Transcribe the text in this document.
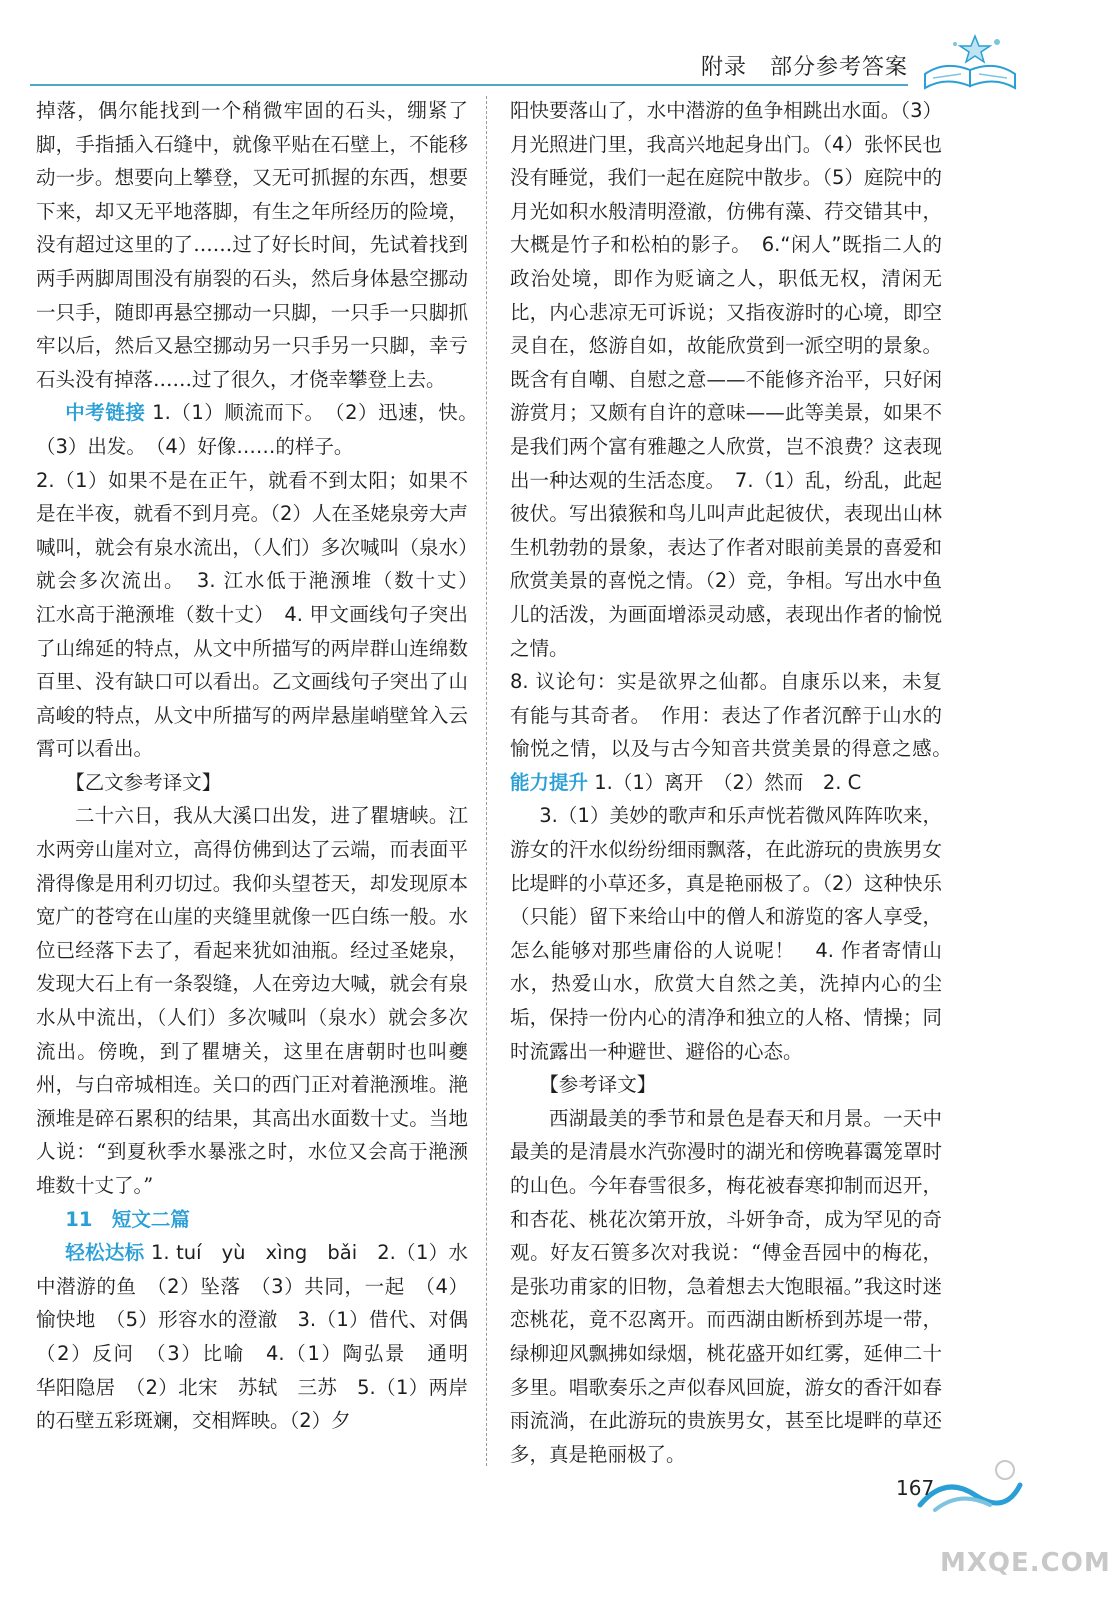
附录　部分参考答案

掉落，偶尔能找到一个稍微牢固的石头，绷紧了脚，手指插入石缝中，就像平贴在石壁上，不能移动一步。想要向上攀登，又无可抓握的东西，想要下来，却又无平地落脚，有生之年所经历的险境，没有超过这里的了……过了好长时间，先试着找到两手两脚周围没有崩裂的石头，然后身体悬空挪动一只手，随即再悬空挪动一只脚，一只手一只脚抓牢以后，然后又悬空挪动另一只手另一只脚，幸亏石头没有掉落……过了很久，才侥幸攀登上去。

中考链接 1.（1）顺流而下。　（2）迅速，快。　（3）出发。　（4）好像……的样子。

2.（1）如果不是在正午，就看不到太阳；如果不是在半夜，就看不到月亮。（2）人在圣姥泉旁大声喊叫，就会有泉水流出，（人们）多次喊叫（泉水）就会多次流出。　3. 江水低于滟滪堆（数十丈）　江水高于滟滪堆（数十丈）　4. 甲文画线句子突出了山绵延的特点，从文中所描写的两岸群山连绵数百里、没有缺口可以看出。乙文画线句子突出了山高峻的特点，从文中所描写的两岸悬崖峭壁耸入云霄可以看出。

【乙文参考译文】

二十六日，我从大溪口出发，进了瞿塘峡。江水两旁山崖对立，高得仿佛到达了云端，而表面平滑得像是用利刃切过。我仰头望苍天，却发现原本宽广的苍穹在山崖的夹缝里就像一匹白练一般。水位已经落下去了，看起来犹如油瓶。经过圣姥泉，发现大石上有一条裂缝，人在旁边大喊，就会有泉水从中流出，（人们）多次喊叫（泉水）就会多次流出。傍晚，到了瞿塘关，这里在唐朝时也叫夔州，与白帝城相连。关口的西门正对着滟滪堆。滟滪堆是碎石累积的结果，其高出水面数十丈。当地人说：“到夏秋季水暴涨之时，水位又会高于滟滪堆数十丈了。”

11　短文二篇

轻松达标 1. tuí　yù　xìng　bǎi　2.（1）水中潜游的鱼　（2）坠落　（3）共同，一起　（4）愉快地　（5）形容水的澄澈　3.（1）借代、对偶　（2）反问　（3）比喻　4.（1）陶弘景　通明　华阳隐居　（2）北宋　苏轼　三苏　5.（1）两岸的石壁五彩斑斓，交相辉映。（2）夕

阳快要落山了，水中潜游的鱼争相跳出水面。（3）月光照进门里，我高兴地起身出门。（4）张怀民也没有睡觉，我们一起在庭院中散步。（5）庭院中的月光如积水般清明澄澈，仿佛有藻、荇交错其中，大概是竹子和松柏的影子。　6.“闲人”既指二人的政治处境，即作为贬谪之人，职低无权，清闲无比，内心悲凉无可诉说；又指夜游时的心境，即空灵自在，悠游自如，故能欣赏到一派空明的景象。既含有自嘲、自慰之意——不能修齐治平，只好闲游赏月；又颇有自许的意味——此等美景，如果不是我们两个富有雅趣之人欣赏，岂不浪费？这表现出一种达观的生活态度。　7.（1）乱，纷乱，此起彼伏。写出猿猴和鸟儿叫声此起彼伏，表现出山林生机勃勃的景象，表达了作者对眼前美景的喜爱和欣赏美景的喜悦之情。（2）竞，争相。写出水中鱼儿的活泼，为画面增添灵动感，表现出作者的愉悦之情。

8. 议论句：实是欲界之仙都。自康乐以来，未复有能与其奇者。　作用：表达了作者沉醉于山水的愉悦之情，以及与古今知音共赏美景的得意之感。　能力提升 1.（1）离开　（2）然而　2. C

3.（1）美妙的歌声和乐声恍若微风阵阵吹来，游女的汗水似纷纷细雨飘落，在此游玩的贵族男女比堤畔的小草还多，真是艳丽极了。（2）这种快乐（只能）留下来给山中的僧人和游览的客人享受，怎么能够对那些庸俗的人说呢！　4. 作者寄情山水，热爱山水，欣赏大自然之美，洗掉内心的尘垢，保持一份内心的清净和独立的人格、情操；同时流露出一种避世、避俗的心态。

【参考译文】

西湖最美的季节和景色是春天和月景。一天中最美的是清晨水汽弥漫时的湖光和傍晚暮霭笼罩时的山色。今年春雪很多，梅花被春寒抑制而迟开，和杏花、桃花次第开放，斗妍争奇，成为罕见的奇观。好友石篑多次对我说：“傅金吾园中的梅花，是张功甫家的旧物，急着想去大饱眼福。”我这时迷恋桃花，竟不忍离开。而西湖由断桥到苏堤一带，绿柳迎风飘拂如绿烟，桃花盛开如红雾，延伸二十多里。唱歌奏乐之声似春风回旋，游女的香汗如春雨流淌，在此游玩的贵族男女，甚至比堤畔的草还多，真是艳丽极了。

167
MXQE.COM
